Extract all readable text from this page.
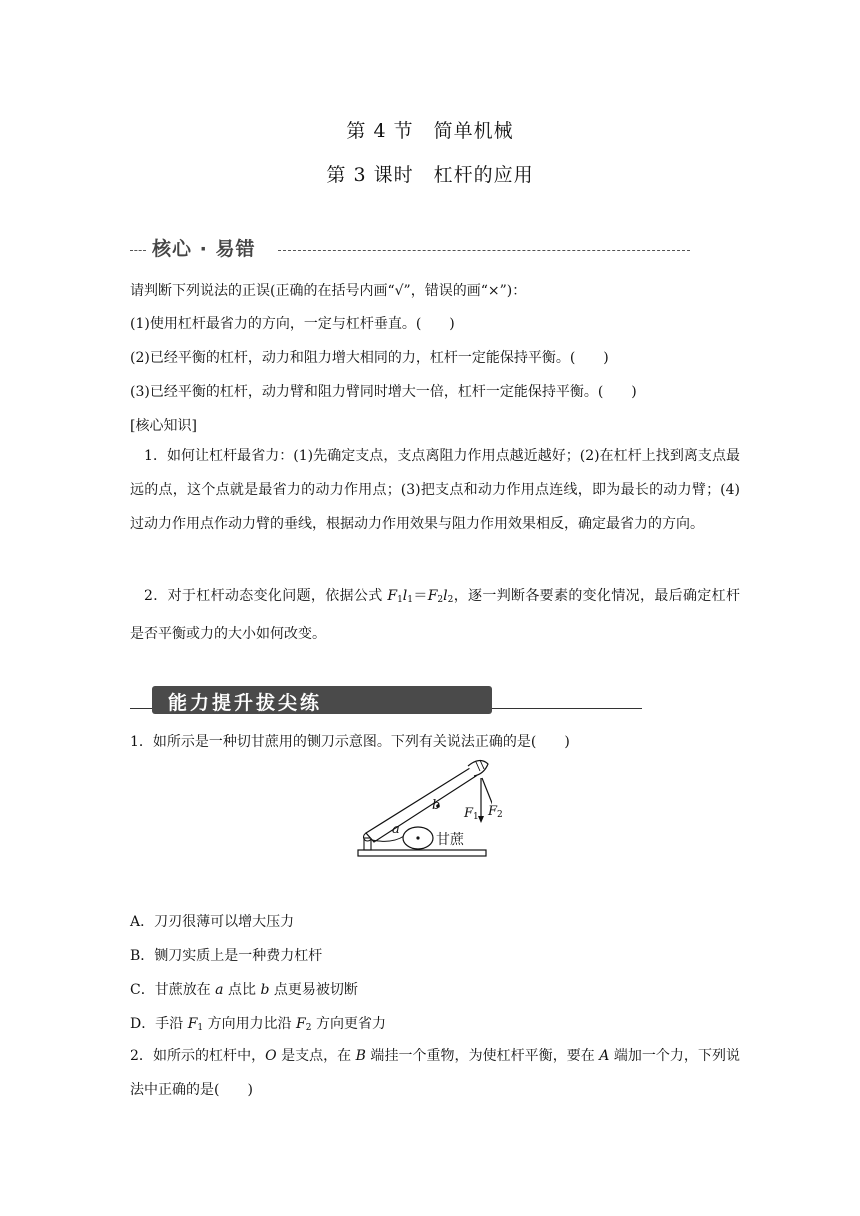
第 4 节　简单机械
第 3 课时　杠杆的应用
核心 · 易错
请判断下列说法的正误(正确的在括号内画“√”，错误的画“×”)：
(1)使用杠杆最省力的方向，一定与杠杆垂直。(　　)
(2)已经平衡的杠杆，动力和阻力增大相同的力，杠杆一定能保持平衡。(　　)
(3)已经平衡的杠杆，动力臂和阻力臂同时增大一倍，杠杆一定能保持平衡。(　　)
[核心知识]

1．如何让杠杆最省力：(1)先确定支点，支点离阻力作用点越近越好；(2)在杠杆上找到离支点最远的点，这个点就是最省力的动力作用点；(3)把支点和动力作用点连线，即为最长的动力臂；(4)过动力作用点作动力臂的垂线，根据动力作用效果与阻力作用效果相反，确定最省力的方向。

2．对于杠杆动态变化问题，依据公式 $F_1l_1=F_2l_2$，逐一判断各要素的变化情况，最后确定杠杆是否平衡或力的大小如何改变。

能力提升拔尖练
1．如所示是一种切甘蔗用的铡刀示意图。下列有关说法正确的是(　　)
a
b
$F_1$ $F_2$
甘蔗
A．刀刃很薄可以增大压力
B．铡刀实质上是一种费力杠杆
C．甘蔗放在 a 点比 b 点更易被切断
D．手沿 $F_1$ 方向用力比沿 $F_2$ 方向更省力

2．如所示的杠杆中，O 是支点，在 B 端挂一个重物，为使杠杆平衡，要在 A 端加一个力，下列说法中正确的是(　　)
